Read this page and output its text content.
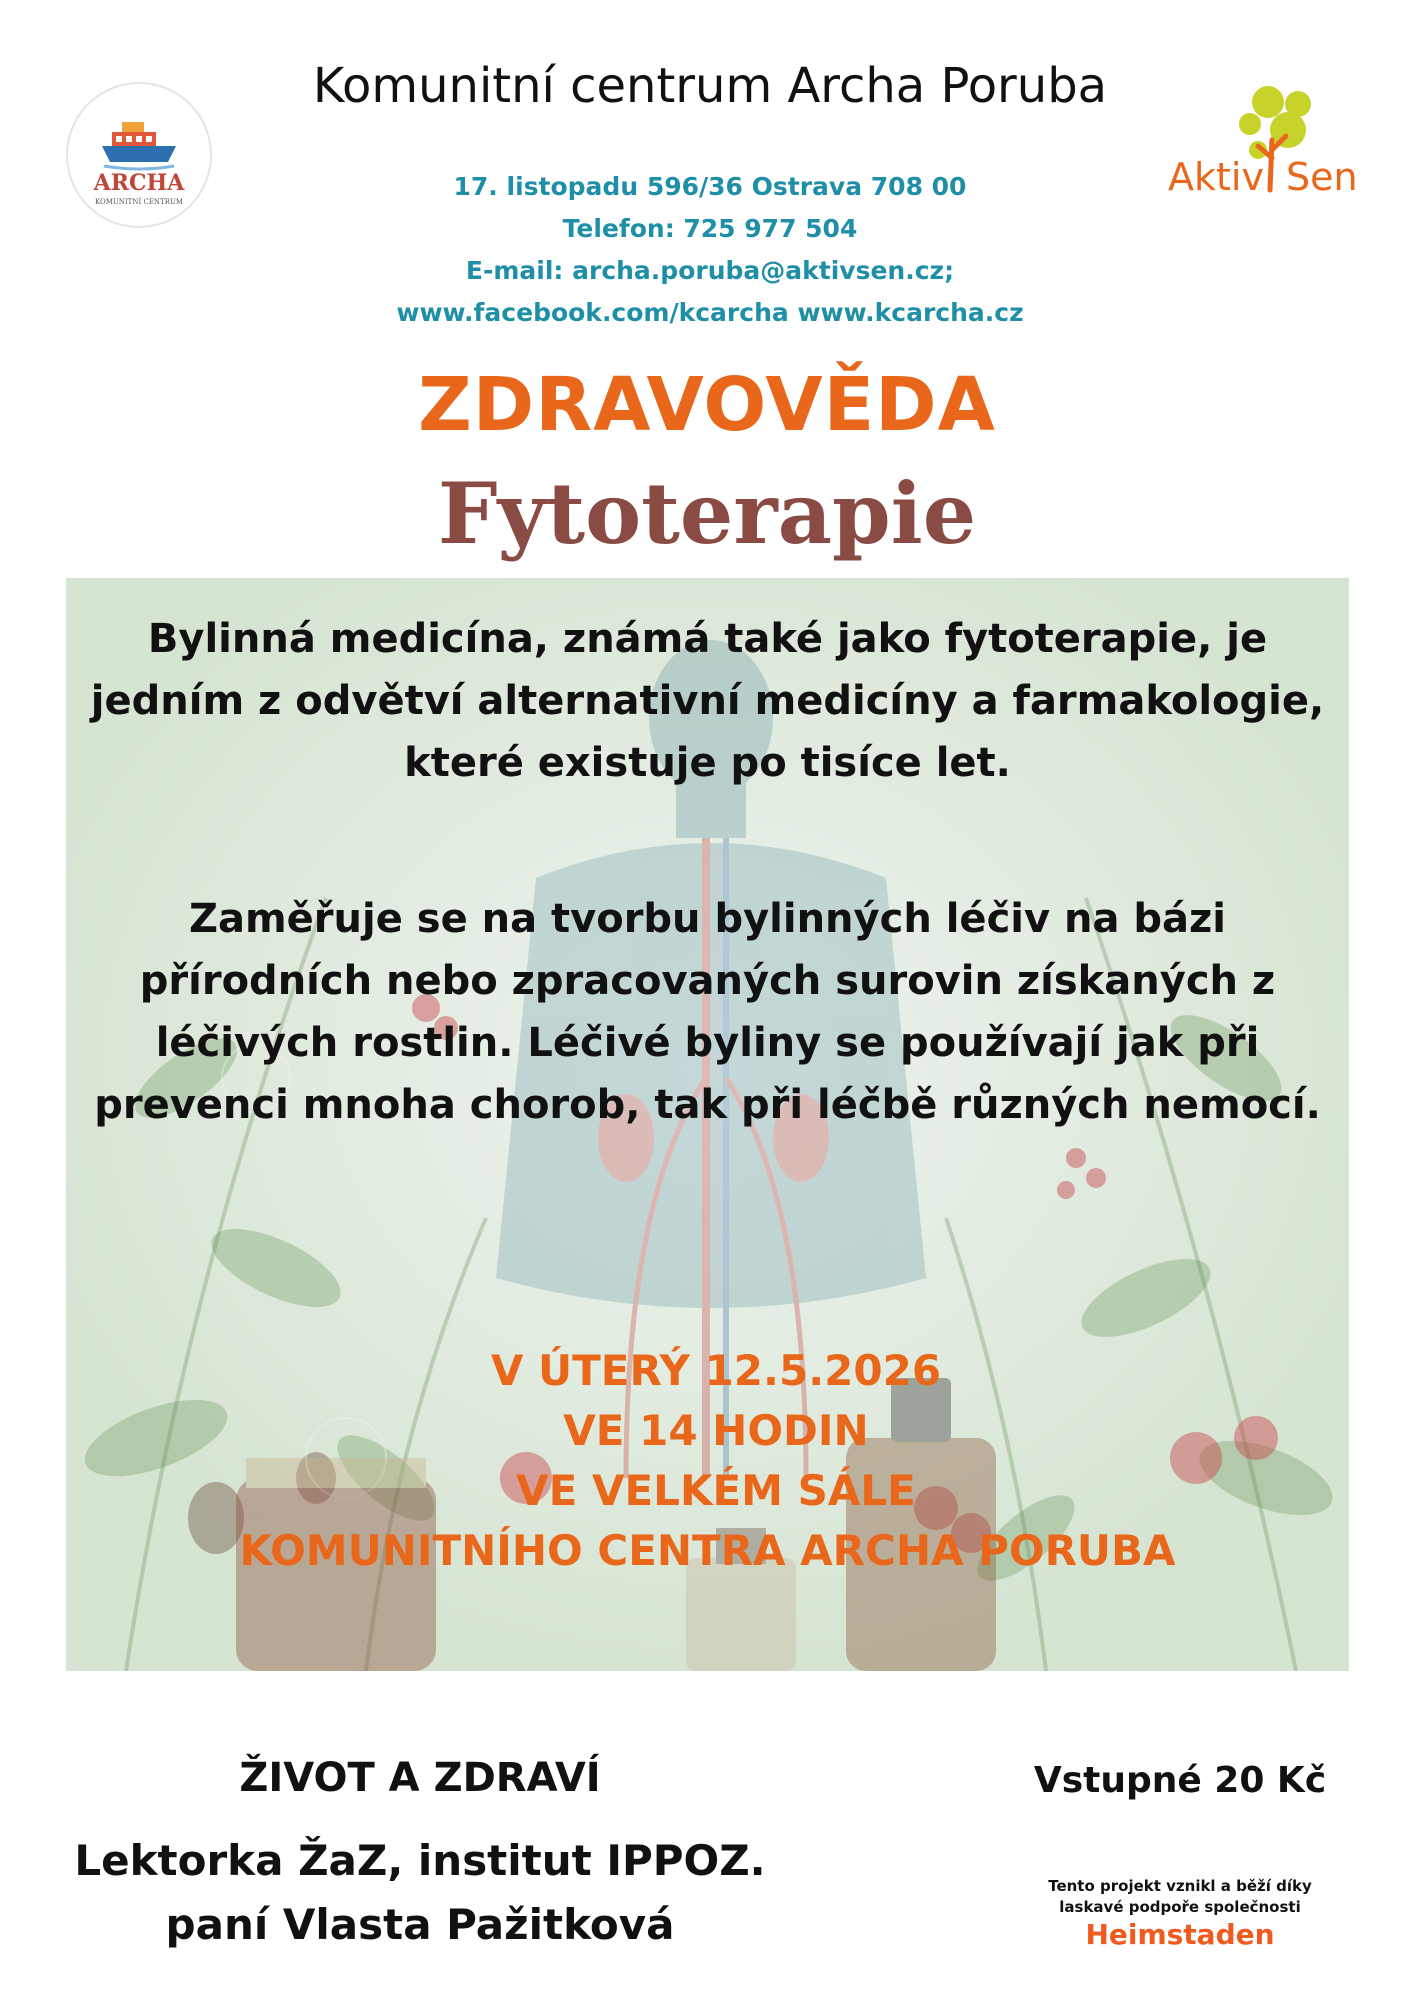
Komunitní centrum Archa Poruba
ARCHA
KOMUNITNÍ CENTRUM
Aktiv Sen
17. listopadu 596/36 Ostrava 708 00
Telefon: 725 977 504
E-mail: archa.poruba@aktivsen.cz;
www.facebook.com/kcarcha www.kcarcha.cz
ZDRAVOVĚDA
Fytoterapie
Bylinná medicína, známá také jako fytoterapie, je jedním z odvětví alternativní medicíny a farmakologie, které existuje po tisíce let.
Zaměřuje se na tvorbu bylinných léčiv na bázi přírodních nebo zpracovaných surovin získaných z léčivých rostlin. Léčivé byliny se používají jak při prevenci mnoha chorob, tak při léčbě různých nemocí.
V ÚTERÝ 12.5.2026
VE 14 HODIN
VE VELKÉM SÁLE
KOMUNITNÍHO CENTRA ARCHA PORUBA
ŽIVOT A ZDRAVÍ
Lektorka ŽaZ, institut IPPOZ.
paní Vlasta Pažitková
Vstupné 20 Kč
Tento projekt vznikl a běží díky laskavé podpoře společnosti
Heimstaden
